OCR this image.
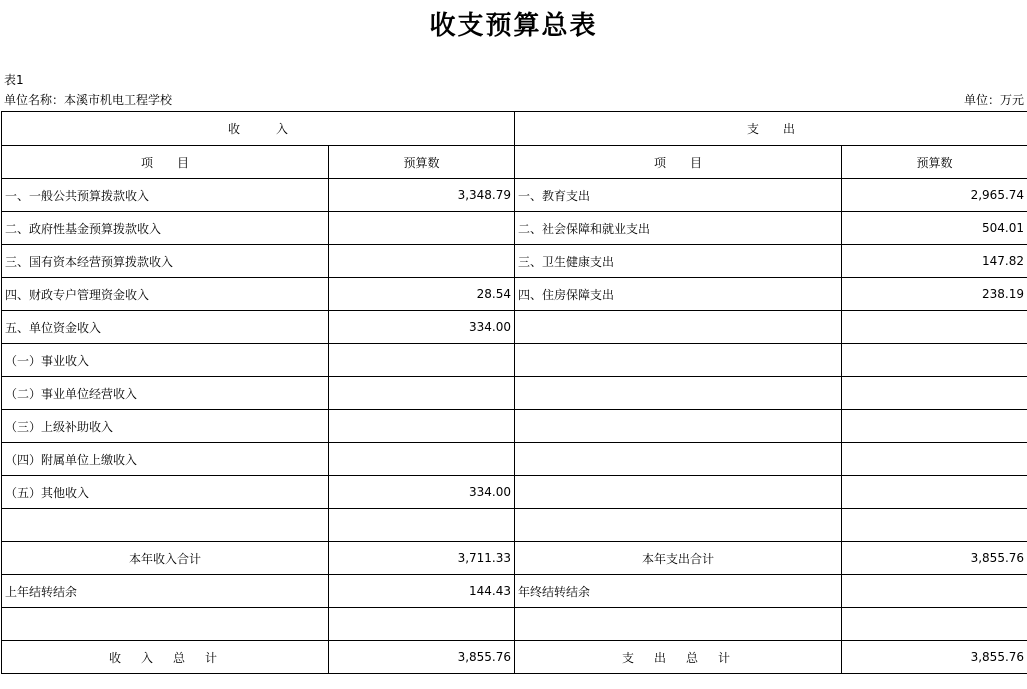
收支预算总表
表1
单位名称：本溪市机电工程学校	单位：万元
收　　　入		支　　出	
项　　目	预算数	项　　目	预算数
一、一般公共预算拨款收入	3,348.79	一、教育支出	2,965.74
二、政府性基金预算拨款收入		二、社会保障和就业支出	504.01
三、国有资本经营预算拨款收入		三、卫生健康支出	147.82
四、财政专户管理资金收入	28.54	四、住房保障支出	238.19
五、单位资金收入	334.00		
（一）事业收入			
（二）事业单位经营收入			
（三）上级补助收入			
（四）附属单位上缴收入			
（五）其他收入	334.00		

本年收入合计	3,711.33	本年支出合计	3,855.76
上年结转结余	144.43	年终结转结余	

收　入　总　计	3,855.76	支　出　总　计	3,855.76
